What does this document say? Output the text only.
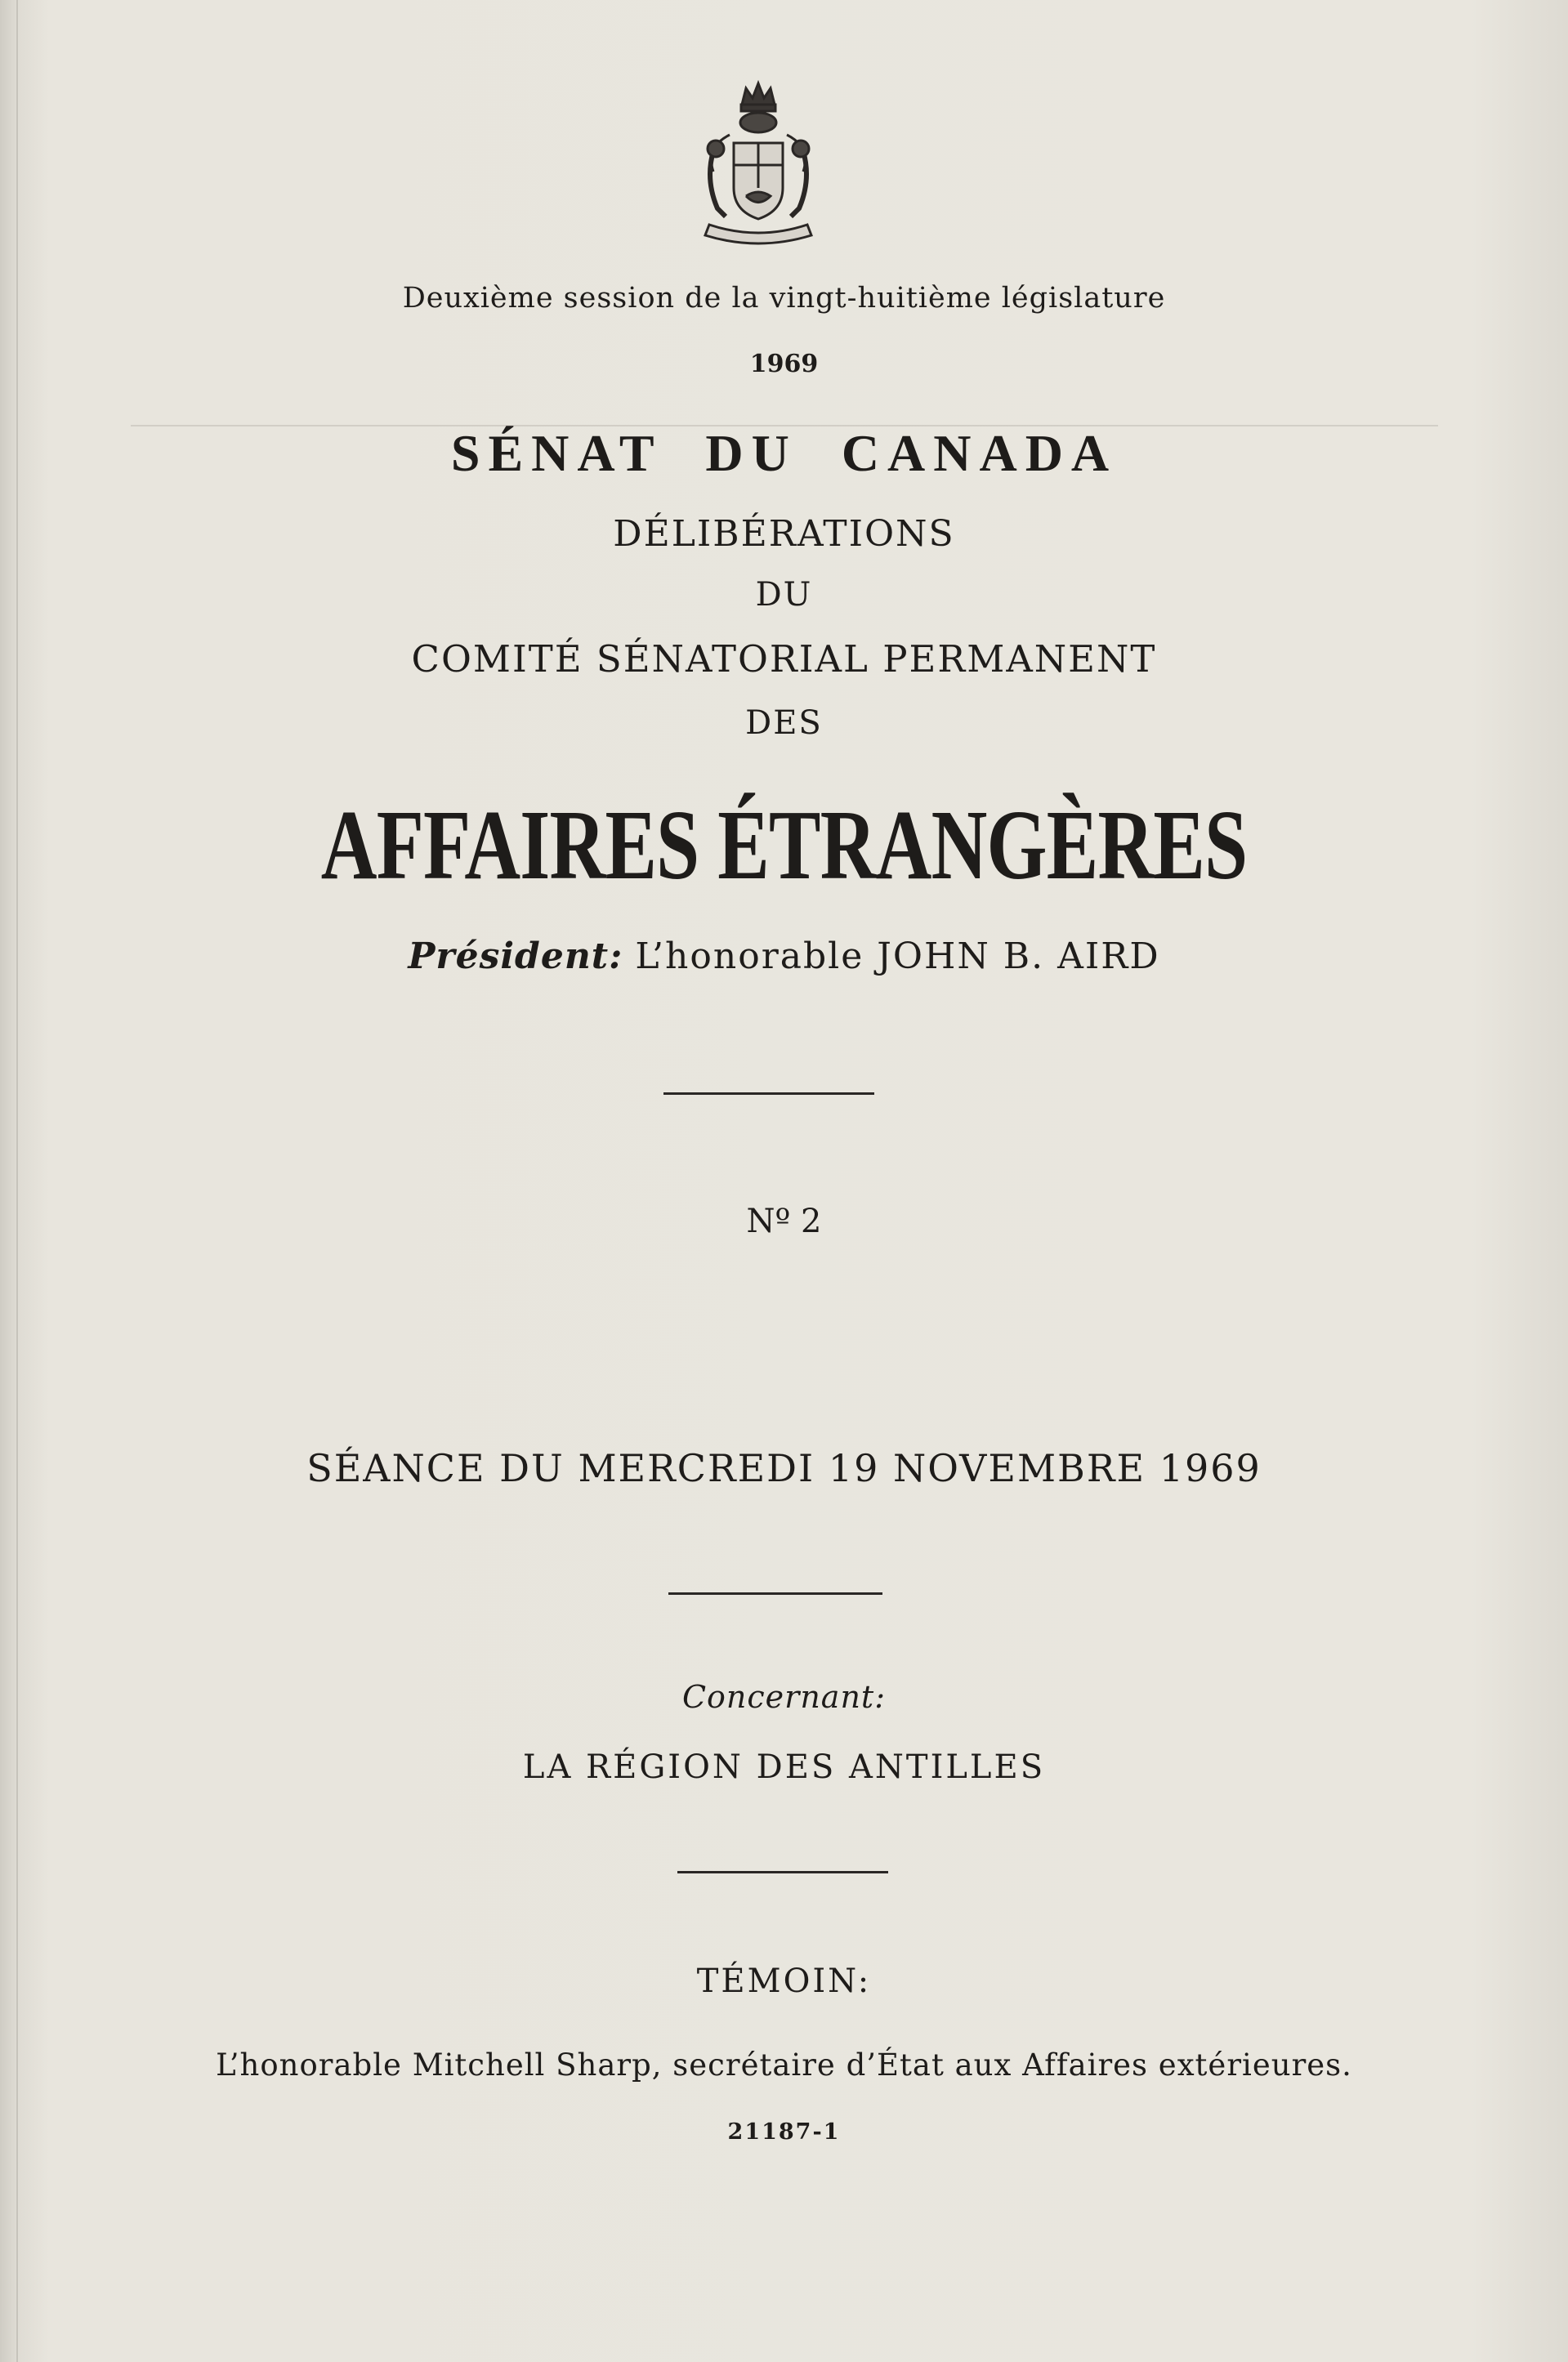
Deuxième session de la vingt-huitième législature
1969
SÉNAT DU CANADA
DÉLIBÉRATIONS
DU
COMITÉ SÉNATORIAL PERMANENT
DES
AFFAIRES ÉTRANGÈRES
Président: L’honorable JOHN B. AIRD
Nº 2
SÉANCE DU MERCREDI 19 NOVEMBRE 1969
Concernant:
LA RÉGION DES ANTILLES
TÉMOIN:
L’honorable Mitchell Sharp, secrétaire d’État aux Affaires extérieures.
21187-1
